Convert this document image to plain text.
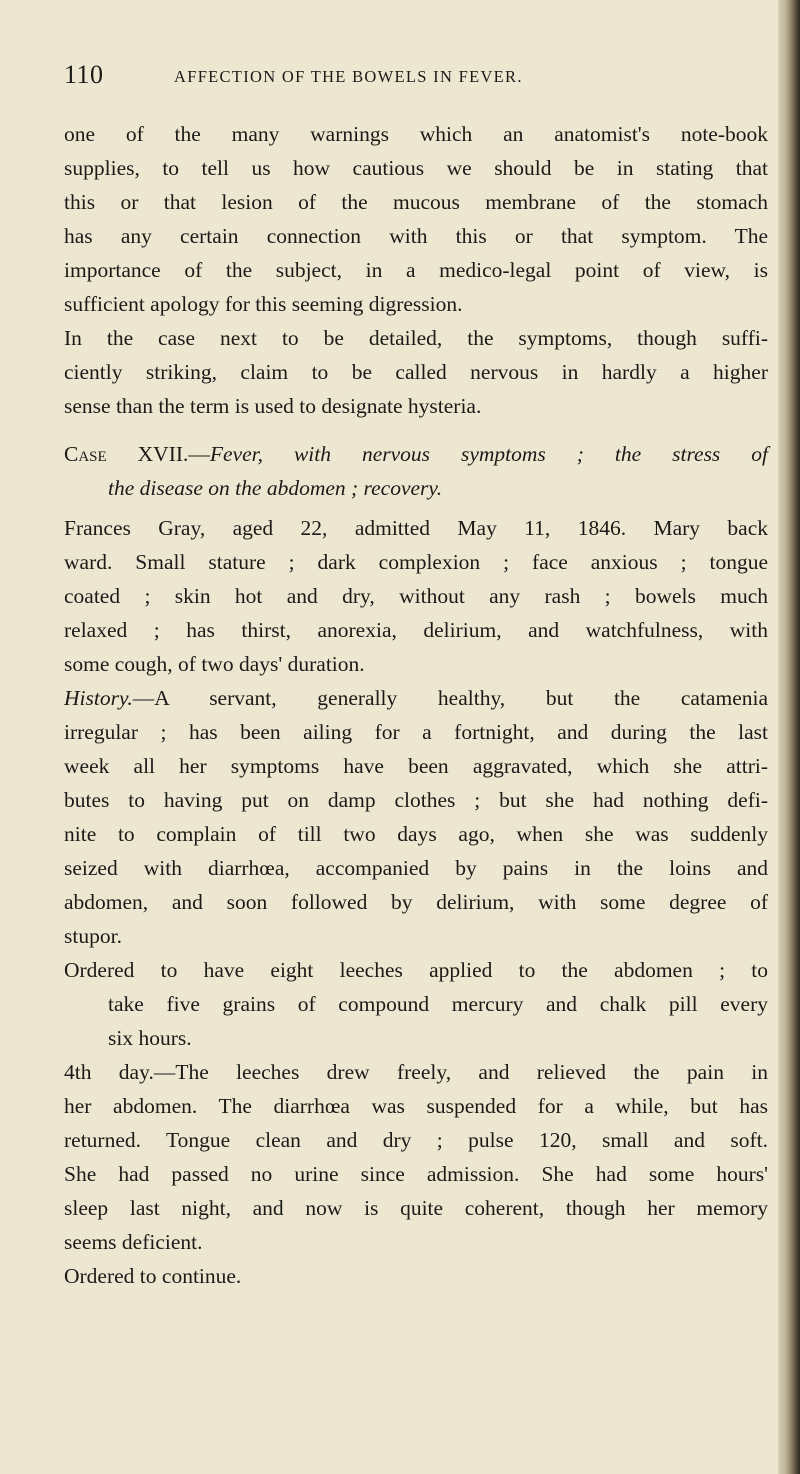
110	AFFECTION OF THE BOWELS IN FEVER.
one of the many warnings which an anatomist's note-book
supplies, to tell us how cautious we should be in stating that
this or that lesion of the mucous membrane of the stomach
has any certain connection with this or that symptom. The
importance of the subject, in a medico-legal point of view, is
sufficient apology for this seeming digression.
In the case next to be detailed, the symptoms, though suffi-
ciently striking, claim to be called nervous in hardly a higher
sense than the term is used to designate hysteria.
Case XVII.—Fever, with nervous symptoms ; the stress of
the disease on the abdomen ; recovery.
Frances Gray, aged 22, admitted May 11, 1846. Mary back
ward. Small stature ; dark complexion ; face anxious ; tongue
coated ; skin hot and dry, without any rash ; bowels much
relaxed ; has thirst, anorexia, delirium, and watchfulness, with
some cough, of two days' duration.
History.—A servant, generally healthy, but the catamenia
irregular ; has been ailing for a fortnight, and during the last
week all her symptoms have been aggravated, which she attri-
butes to having put on damp clothes ; but she had nothing defi-
nite to complain of till two days ago, when she was suddenly
seized with diarrhœa, accompanied by pains in the loins and
abdomen, and soon followed by delirium, with some degree of
stupor.
Ordered to have eight leeches applied to the abdomen ; to
take five grains of compound mercury and chalk pill every
six hours.
4th day.—The leeches drew freely, and relieved the pain in
her abdomen. The diarrhœa was suspended for a while, but has
returned. Tongue clean and dry ; pulse 120, small and soft.
She had passed no urine since admission. She had some hours'
sleep last night, and now is quite coherent, though her memory
seems deficient.
Ordered to continue.
